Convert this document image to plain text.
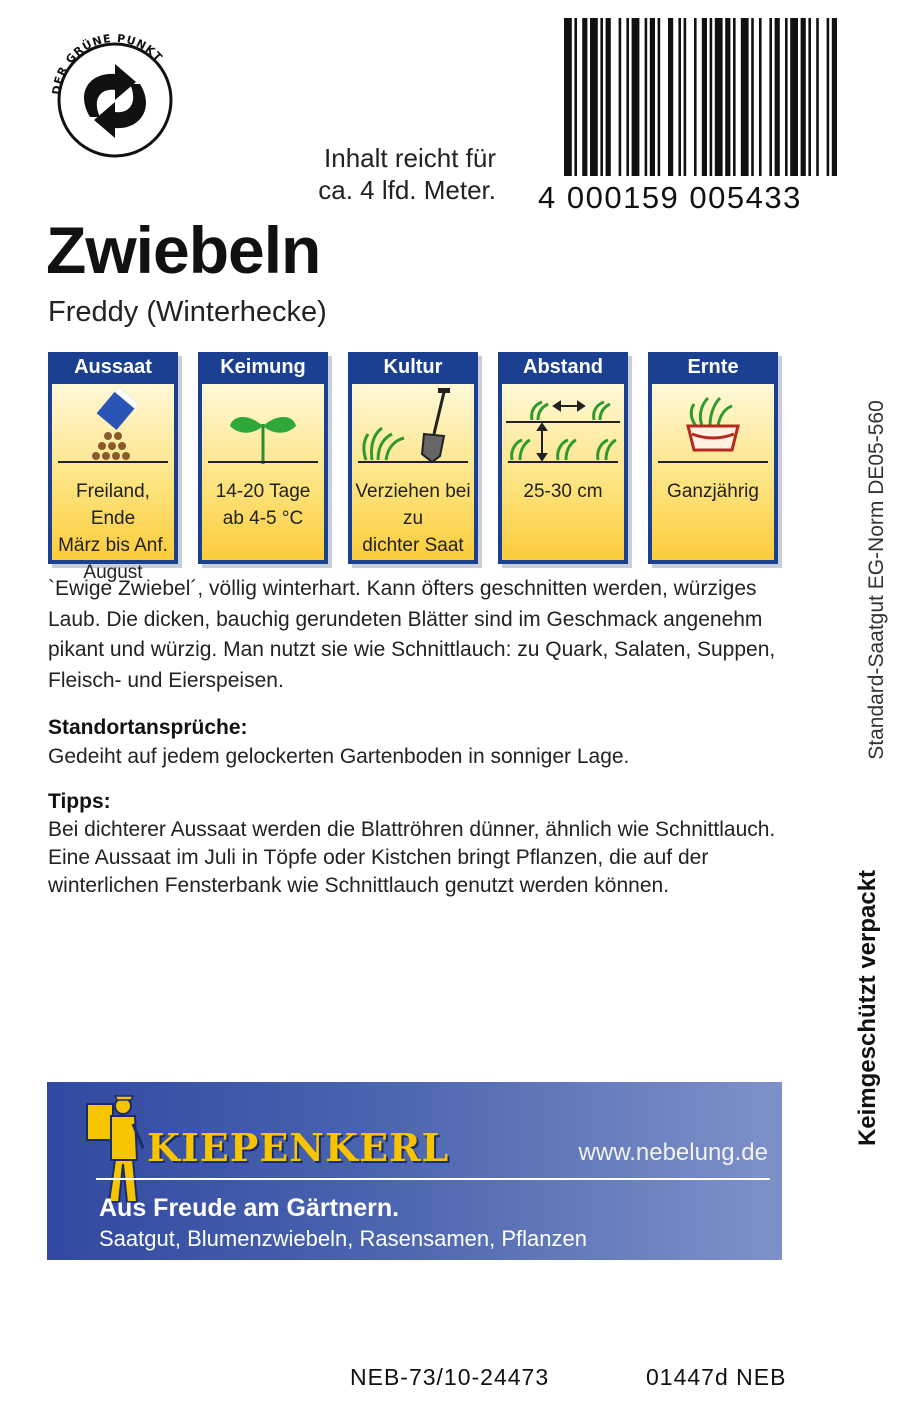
DER GRÜNE PUNKT
Inhalt reicht für
ca. 4 lfd. Meter. 4 000159 005433
Zwiebeln
Freddy (Winterhecke)
Aussaat
Freiland, Ende
März bis Anf.
August
Keimung
14-20 Tage
ab 4-5 °C
Kultur
Verziehen bei
zu
dichter Saat
Abstand
25-30 cm
Ernte
Ganzjährig
`Ewige Zwiebel´, völlig winterhart. Kann öfters geschnitten werden, würziges Laub. Die dicken, bauchig gerundeten Blätter sind im Geschmack angenehm pikant und würzig. Man nutzt sie wie Schnittlauch: zu Quark, Salaten, Suppen, Fleisch- und Eierspeisen.
Standortansprüche:
Gedeiht auf jedem gelockerten Gartenboden in sonniger Lage.
Tipps:
Bei dichterer Aussaat werden die Blattröhren dünner, ähnlich wie Schnittlauch. Eine Aussaat im Juli in Töpfe oder Kistchen bringt Pflanzen, die auf der winterlichen Fensterbank wie Schnittlauch genutzt werden können.
Standard-Saatgut EG-Norm DE05-560
Keimgeschützt verpackt
KIEPENKERL	www.nebelung.de
Aus Freude am Gärtnern.
Saatgut, Blumenzwiebeln, Rasensamen, Pflanzen
NEB-73/10-24473	01447d NEB
